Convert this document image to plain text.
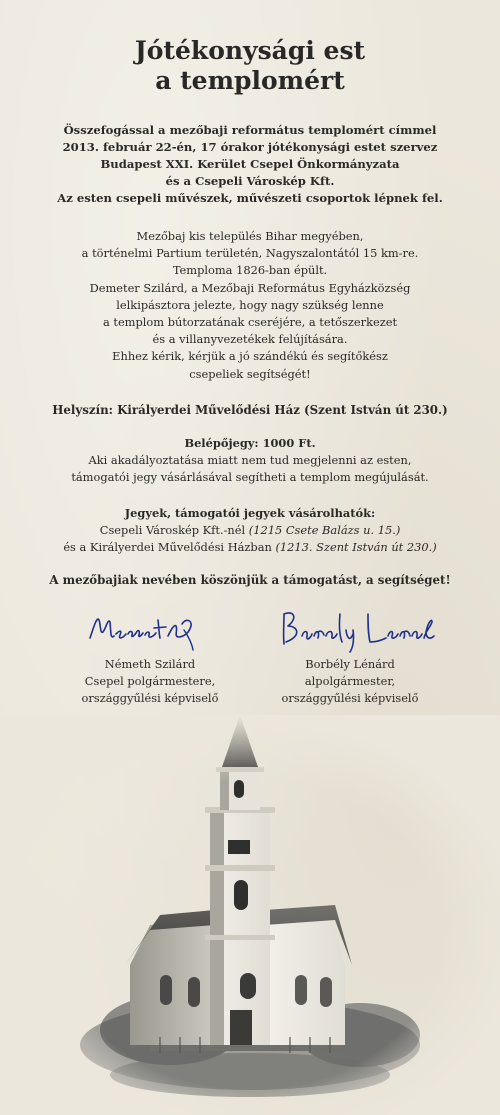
Jótékonysági est
a templomért

Összefogással a mezőbaji református templomért címmel

2013. február 22-én, 17 órakor jótékonysági estet szervez

Budapest XXI. Kerület Csepel Önkormányzata

és a Csepeli Városkép Kft.

Az esten csepeli művészek, művészeti csoportok lépnek fel.

Mezőbaj kis település Bihar megyében,

a történelmi Partium területén, Nagyszalontától 15 km-re.

Temploma 1826-ban épült.

Demeter Szilárd, a Mezőbaji Református Egyházközség

lelkipásztora jelezte, hogy nagy szükség lenne

a templom bútorzatának cseréjére, a tetőszerkezet

és a villanyvezetékek felújítására.

Ehhez kérik, kérjük a jó szándékú és segítőkész

csepeliek segítségét!

Helyszín: Királyerdei Művelődési Ház (Szent István út 230.)

Belépőjegy: 1000 Ft.

Aki akadályoztatása miatt nem tud megjelenni az esten,

támogatói jegy vásárlásával segítheti a templom megújulását.

Jegyek, támogatói jegyek vásárolhatók:

Csepeli Városkép Kft.-nél (1215 Csete Balázs u. 15.)

és a Királyerdei Művelődési Házban (1213. Szent István út 230.)

A mezőbajiak nevében köszönjük a támogatást, a segítséget!

Németh Szilárd
Csepel polgármestere,
országgyűlési képviselő
Borbély Lénárd
alpolgármester,
országgyűlési képviselő
